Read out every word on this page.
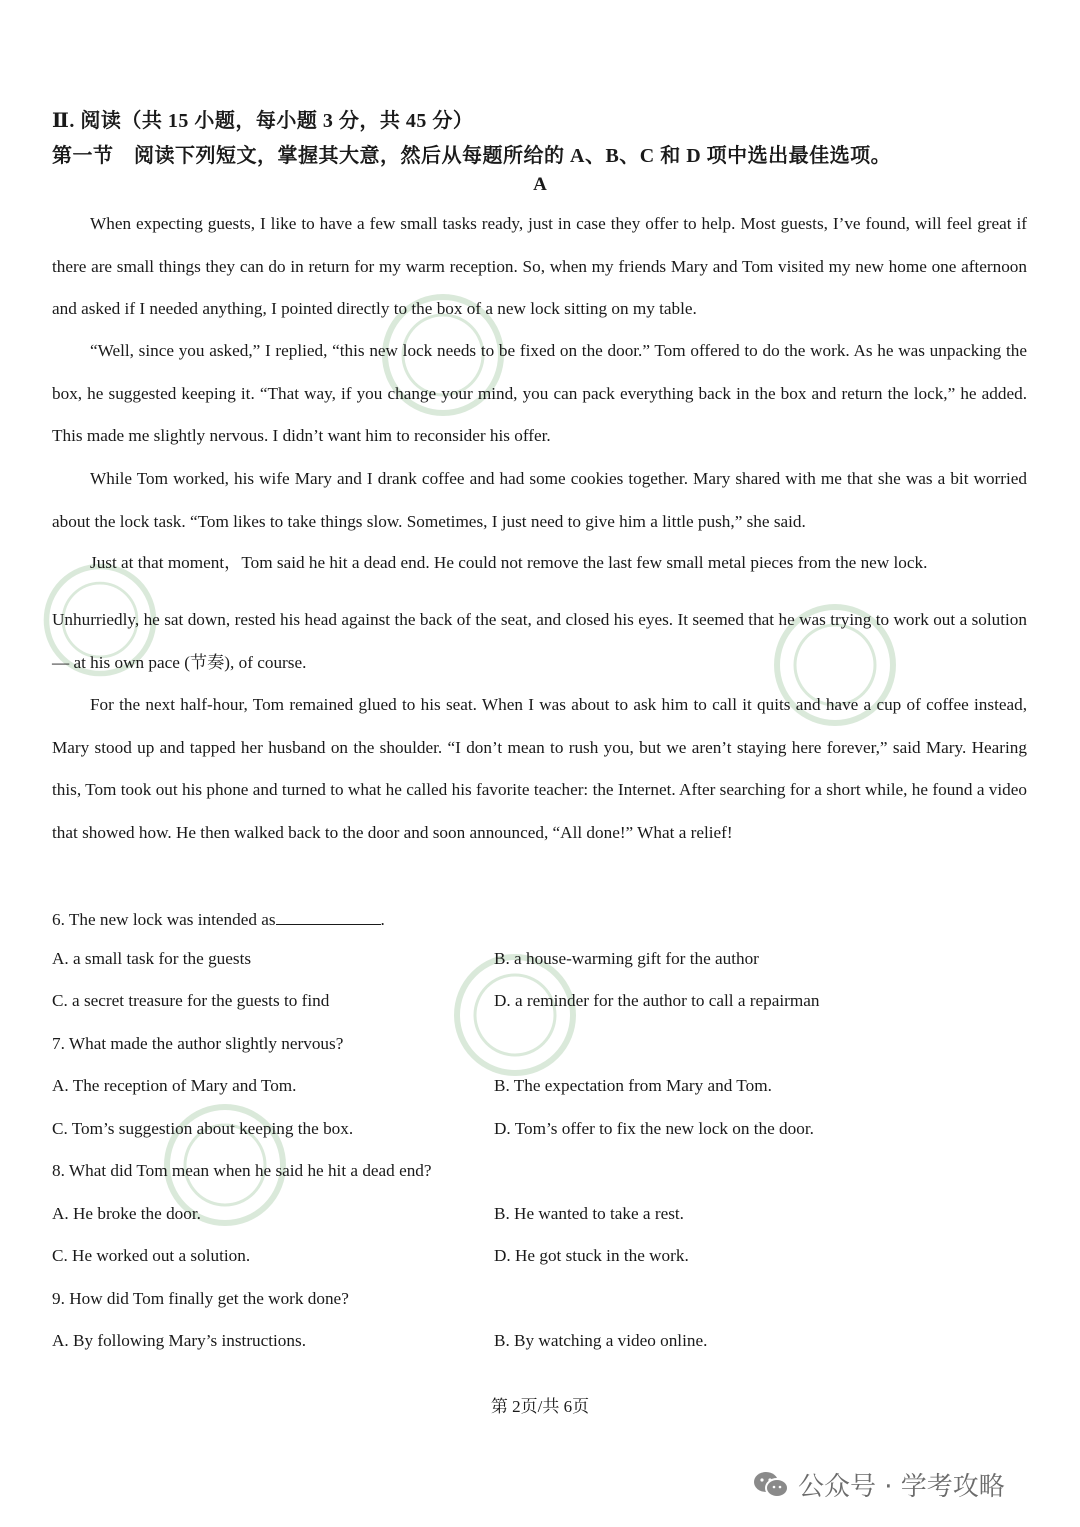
Ⅱ. 阅读（共 15 小题，每小题 3 分，共 45 分）
第一节　阅读下列短文，掌握其大意，然后从每题所给的 A、B、C 和 D 项中选出最佳选项。
A
When expecting guests, I like to have a few small tasks ready, just in case they offer to help. Most guests, I’ve found, will feel great if there are small things they can do in return for my warm reception. So, when my friends Mary and Tom visited my new home one afternoon and asked if I needed anything, I pointed directly to the box of a new lock sitting on my table.
“Well, since you asked,” I replied, “this new lock needs to be fixed on the door.” Tom offered to do the work. As he was unpacking the box, he suggested keeping it. “That way, if you change your mind, you can pack everything back in the box and return the lock,” he added. This made me slightly nervous. I didn’t want him to reconsider his offer.
While Tom worked, his wife Mary and I drank coffee and had some cookies together. Mary shared with me that she was a bit worried about the lock task. “Tom likes to take things slow. Sometimes, I just need to give him a little push,” she said.
Just at that moment，Tom said he hit a dead end. He could not remove the last few small metal pieces from the new lock.
Unhurriedly, he sat down, rested his head against the back of the seat, and closed his eyes. It seemed that he was trying to work out a solution — at his own pace (节奏), of course.
For the next half-hour, Tom remained glued to his seat. When I was about to ask him to call it quits and have a cup of coffee instead, Mary stood up and tapped her husband on the shoulder. “I don’t mean to rush you, but we aren’t staying here forever,” said Mary. Hearing this, Tom took out his phone and turned to what he called his favorite teacher: the Internet. After searching for a short while, he found a video that showed how. He then walked back to the door and soon announced, “All done!” What a relief!
6. The new lock was intended as	.
A. a small task for the guests	B. a house-warming gift for the author
C. a secret treasure for the guests to find	D. a reminder for the author to call a repairman
7. What made the author slightly nervous?
A. The reception of Mary and Tom.	B. The expectation from Mary and Tom.
C. Tom’s suggestion about keeping the box.	D. Tom’s offer to fix the new lock on the door.
8. What did Tom mean when he said he hit a dead end?
A. He broke the door.	B. He wanted to take a rest.
C. He worked out a solution.	D. He got stuck in the work.
9. How did Tom finally get the work done?
A. By following Mary’s instructions.	B. By watching a video online.
第 2页/共 6页
公众号 · 学考攻略
